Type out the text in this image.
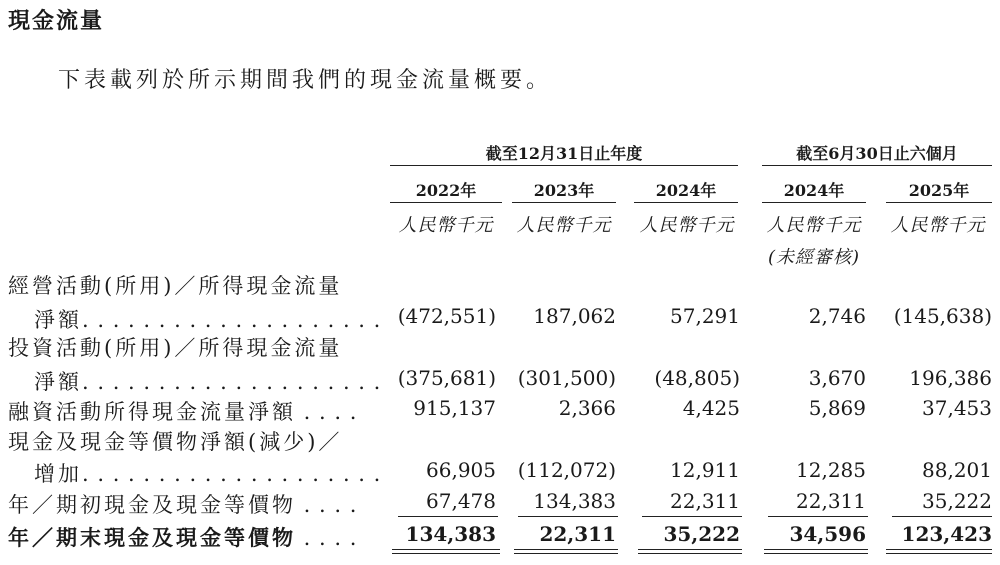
現金流量
下表載列於所示期間我們的現金流量概要。
截至12月31日止年度	截至6月30日止六個月
2022年	2023年	2024年	2024年	2025年
人民幣千元	人民幣千元	人民幣千元	人民幣千元	人民幣千元
(未經審核)
經營活動(所用)／所得現金流量
淨額. . . . . . . . . . . . . . . . . . . . (472,551)	187,062	57,291	2,746	(145,638)
投資活動(所用)／所得現金流量
淨額. . . . . . . . . . . . . . . . . . . . (375,681)	(301,500)	(48,805)	3,670	196,386
融資活動所得現金流量淨額 . . . .	915,137	2,366	4,425	5,869	37,453
現金及現金等價物淨額(減少)／
增加. . . . . . . . . . . . . . . . . . . .	66,905	(112,072)	12,911	12,285	88,201
年／期初現金及現金等價物 . . . .	67,478	134,383	22,311	22,311	35,222
年／期末現金及現金等價物 . . . .	134,383	22,311	35,222	34,596	123,423
